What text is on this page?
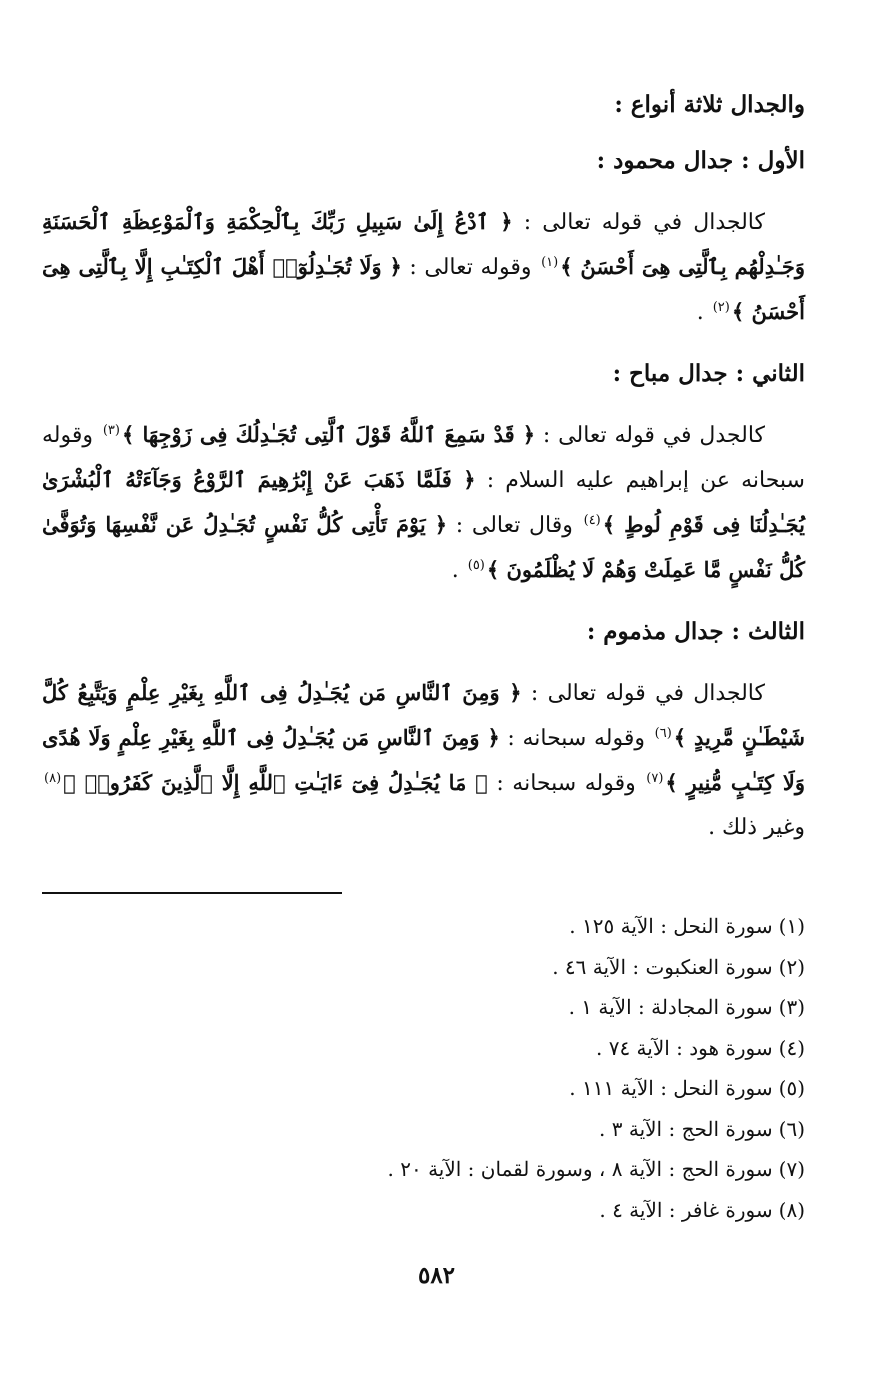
والجدال ثلاثة أنواع :
الأول : جدال محمود :
كالجدال في قوله تعالى : ﴿ ٱدْعُ إِلَىٰ سَبِيلِ رَبِّكَ بِٱلْحِكْمَةِ وَٱلْمَوْعِظَةِ ٱلْحَسَنَةِ وَجَـٰدِلْهُم بِٱلَّتِى هِىَ أَحْسَنُ ﴾$^{(١)}$ وقوله تعالى : ﴿ وَلَا تُجَـٰدِلُوٓا۟ أَهْلَ ٱلْكِتَـٰبِ إِلَّا بِٱلَّتِى هِىَ أَحْسَنُ ﴾$^{(٢)}$ .
الثاني : جدال مباح :
كالجدل في قوله تعالى : ﴿ قَدْ سَمِعَ ٱللَّهُ قَوْلَ ٱلَّتِى تُجَـٰدِلُكَ فِى زَوْجِهَا ﴾$^{(٣)}$ وقوله سبحانه عن إبراهيم عليه السلام : ﴿ فَلَمَّا ذَهَبَ عَنْ إِبْرَٰهِيمَ ٱلرَّوْعُ وَجَآءَتْهُ ٱلْبُشْرَىٰ يُجَـٰدِلُنَا فِى قَوْمِ لُوطٍ ﴾$^{(٤)}$ وقال تعالى : ﴿ يَوْمَ تَأْتِى كُلُّ نَفْسٍ تُجَـٰدِلُ عَن نَّفْسِهَا وَتُوَفَّىٰ كُلُّ نَفْسٍ مَّا عَمِلَتْ وَهُمْ لَا يُظْلَمُونَ ﴾$^{(٥)}$ .
الثالث : جدال مذموم :
كالجدال في قوله تعالى : ﴿ وَمِنَ ٱلنَّاسِ مَن يُجَـٰدِلُ فِى ٱللَّهِ بِغَيْرِ عِلْمٍ وَيَتَّبِعُ كُلَّ شَيْطَـٰنٍ مَّرِيدٍ ﴾$^{(٦)}$ وقوله سبحانه : ﴿ وَمِنَ ٱلنَّاسِ مَن يُجَـٰدِلُ فِى ٱللَّهِ بِغَيْرِ عِلْمٍ وَلَا هُدًى وَلَا كِتَـٰبٍ مُّنِيرٍ ﴾$^{(٧)}$ وقوله سبحانه : ﴿ مَا يُجَـٰدِلُ فِىٓ ءَايَـٰتِ ٱللَّهِ إِلَّا ٱلَّذِينَ كَفَرُوا۟ ﴾$^{(٨)}$ وغير ذلك .
(١)سورة النحل : الآية ١٢٥ .
(٢)سورة العنكبوت : الآية ٤٦ .
(٣)سورة المجادلة : الآية ١ .
(٤)سورة هود : الآية ٧٤ .
(٥)سورة النحل : الآية ١١١ .
(٦)سورة الحج : الآية ٣ .
(٧)سورة الحج : الآية ٨ ، وسورة لقمان : الآية ٢٠ .
(٨)سورة غافر : الآية ٤ .
٥٨٢
